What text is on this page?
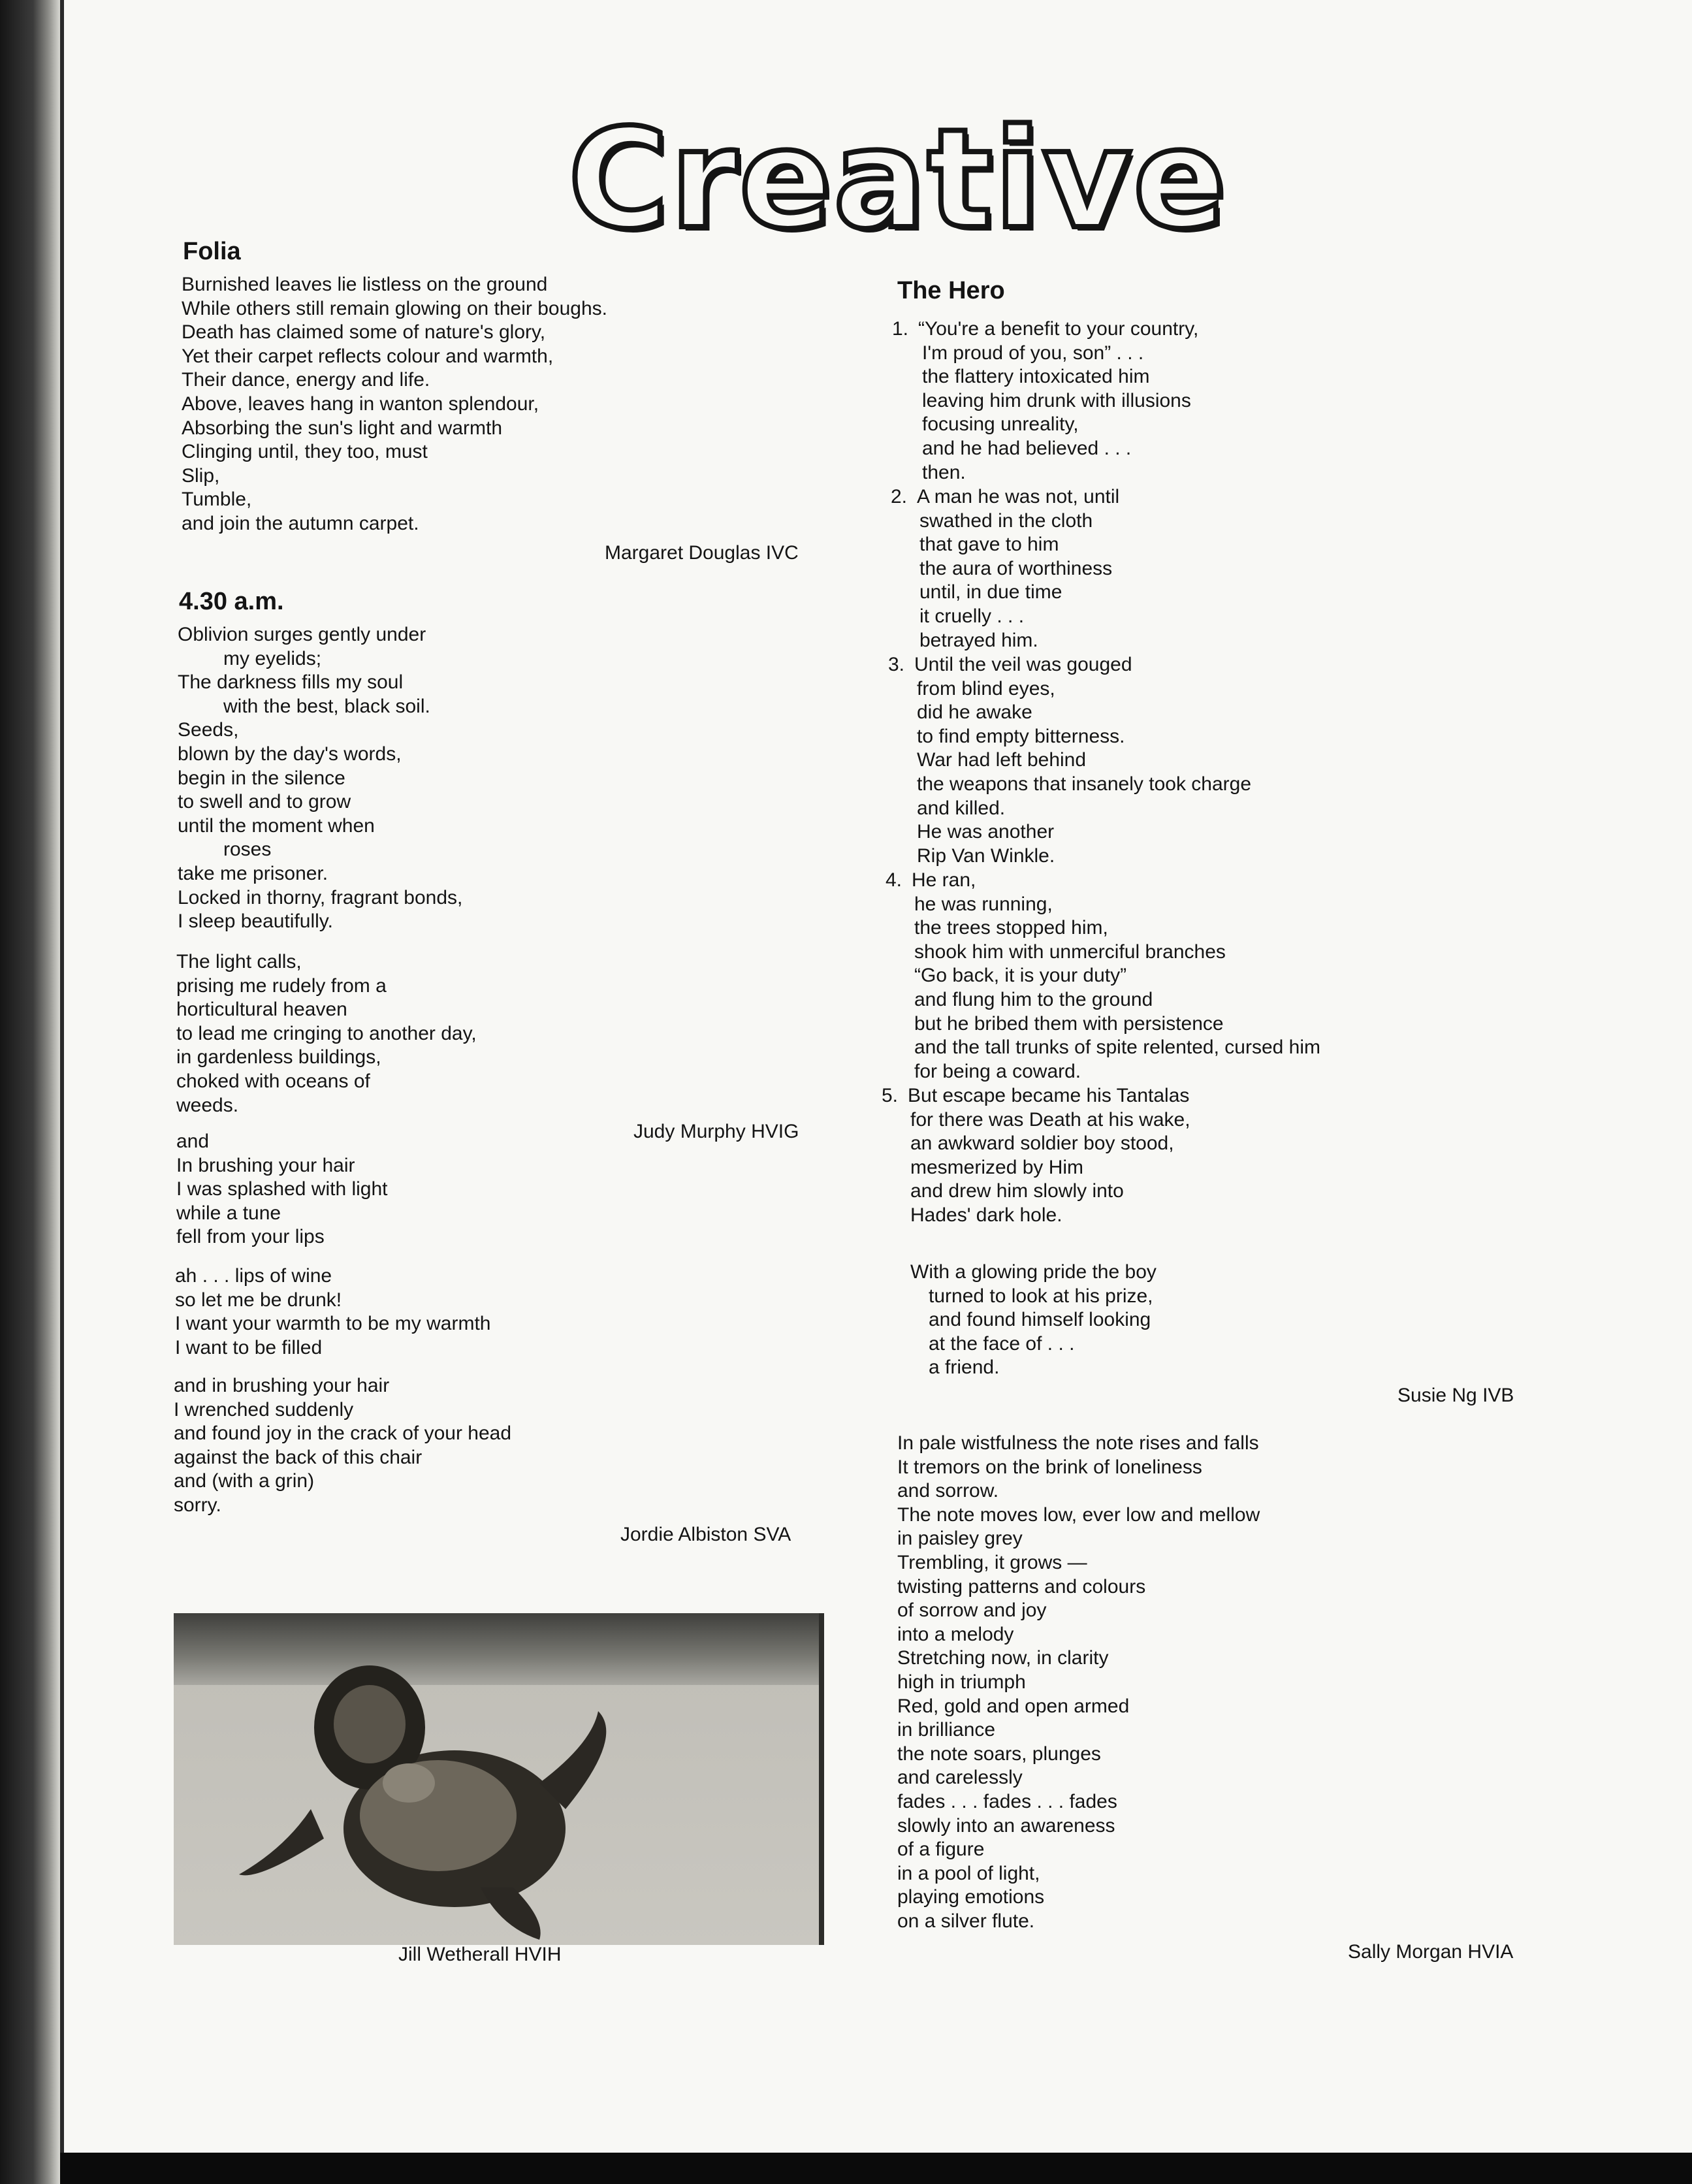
Creative
Folia
Burnished leaves lie listless on the ground
While others still remain glowing on their boughs.
Death has claimed some of nature's glory,
Yet their carpet reflects colour and warmth,
Their dance, energy and life.
Above, leaves hang in wanton splendour,
Absorbing the sun's light and warmth
Clinging until, they too, must
Slip,
Tumble,
and join the autumn carpet.
Margaret Douglas IVC
4.30 a.m.
Oblivion surges gently under
my eyelids;
The darkness fills my soul
with the best, black soil.
Seeds,
blown by the day's words,
begin in the silence
to swell and to grow
until the moment when
roses
take me prisoner.
Locked in thorny, fragrant bonds,
I sleep beautifully.
The light calls,
prising me rudely from a
horticultural heaven
to lead me cringing to another day,
in gardenless buildings,
choked with oceans of
weeds.
Judy Murphy HVIG
and
In brushing your hair
I was splashed with light
while a tune
fell from your lips
ah . . . lips of wine
so let me be drunk!
I want your warmth to be my warmth
I want to be filled
and in brushing your hair
I wrenched suddenly
and found joy in the crack of your head
against the back of this chair
and (with a grin)
sorry.
Jordie Albiston SVA
Jill Wetherall HVIH
The Hero
1. “You're a benefit to your country,
I'm proud of you, son” . . .
the flattery intoxicated him
leaving him drunk with illusions
focusing unreality,
and he had believed . . .
then.
2. A man he was not, until
swathed in the cloth
that gave to him
the aura of worthiness
until, in due time
it cruelly . . .
betrayed him.
3. Until the veil was gouged
from blind eyes,
did he awake
to find empty bitterness.
War had left behind
the weapons that insanely took charge
and killed.
He was another
Rip Van Winkle.
4. He ran,
he was running,
the trees stopped him,
shook him with unmerciful branches
“Go back, it is your duty”
and flung him to the ground
but he bribed them with persistence
and the tall trunks of spite relented, cursed him
for being a coward.
5. But escape became his Tantalas
for there was Death at his wake,
an awkward soldier boy stood,
mesmerized by Him
and drew him slowly into
Hades' dark hole.
With a glowing pride the boy
turned to look at his prize,
and found himself looking
at the face of . . .
a friend.
Susie Ng IVB
In pale wistfulness the note rises and falls
It tremors on the brink of loneliness
and sorrow.
The note moves low, ever low and mellow
in paisley grey
Trembling, it grows —
twisting patterns and colours
of sorrow and joy
into a melody
Stretching now, in clarity
high in triumph
Red, gold and open armed
in brilliance
the note soars, plunges
and carelessly
fades . . . fades . . . fades
slowly into an awareness
of a figure
in a pool of light,
playing emotions
on a silver flute.
Sally Morgan HVIA
